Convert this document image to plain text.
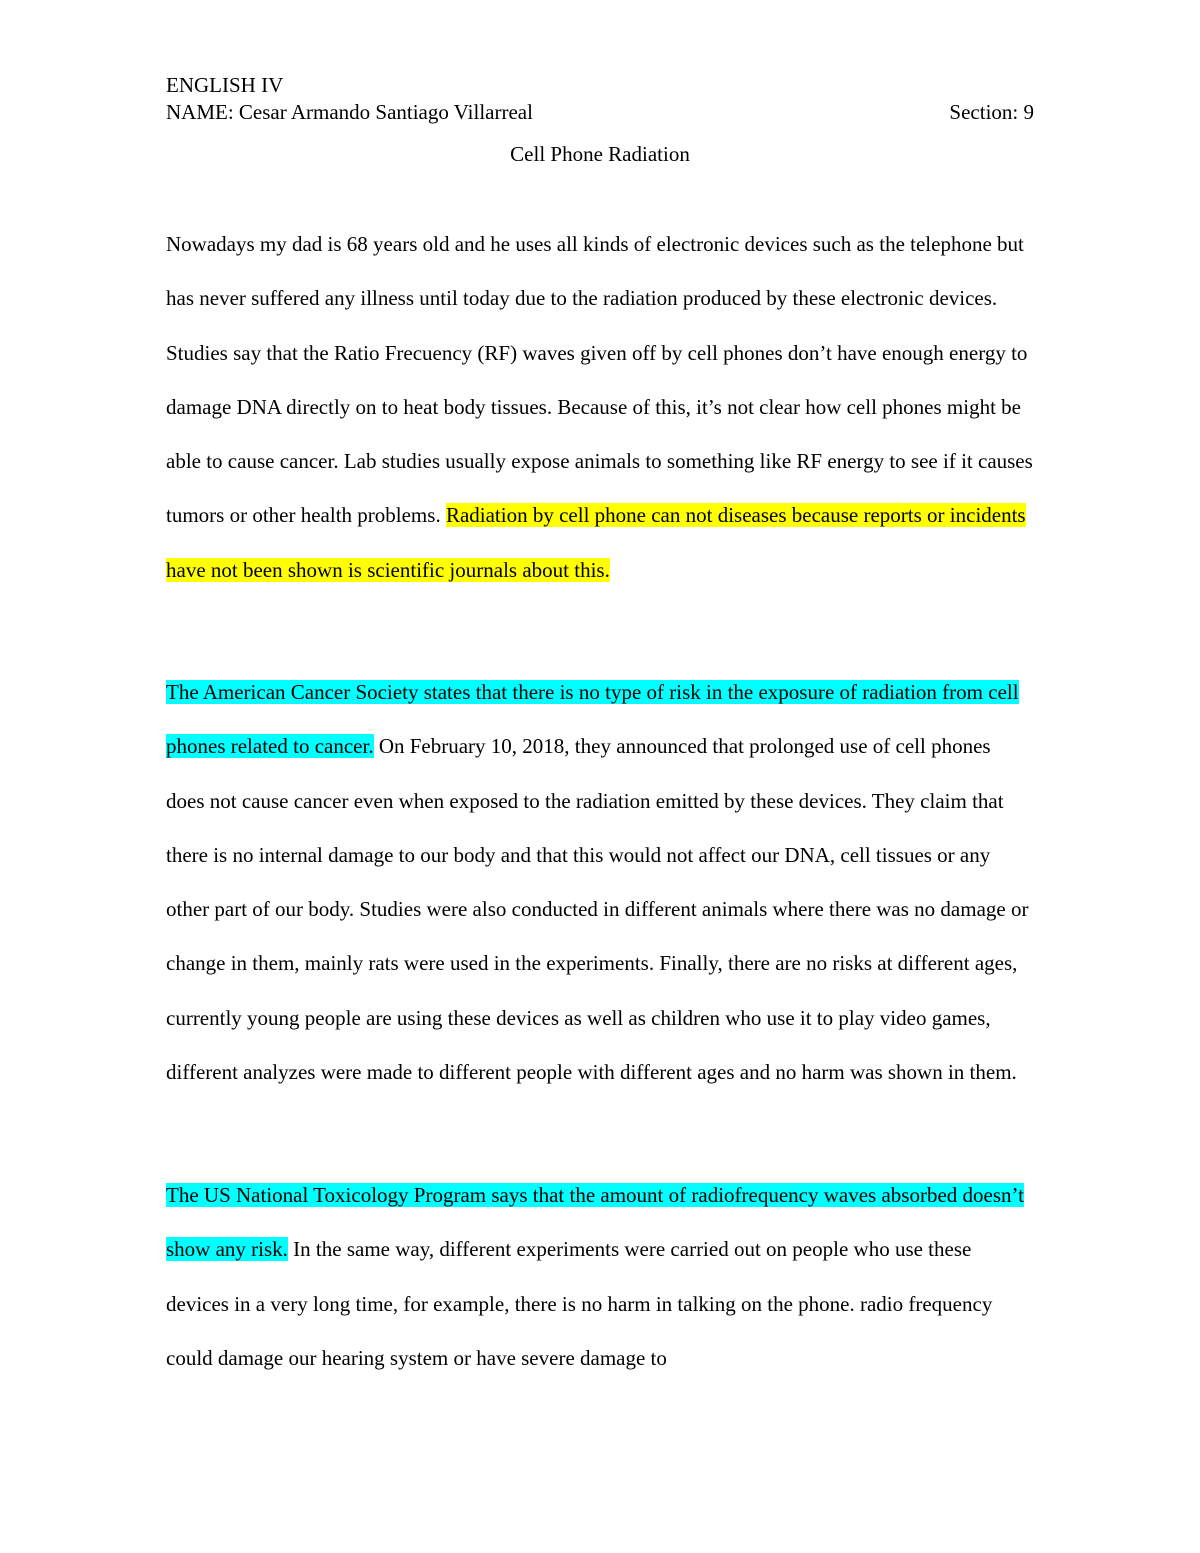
ENGLISH IV
NAME: Cesar Armando Santiago Villarreal	Section: 9
Cell Phone Radiation

Nowadays my dad is 68 years old and he uses all kinds of electronic devices such as the telephone but has never suffered any illness until today due to the radiation produced by these electronic devices. Studies say that the Ratio Frecuency (RF) waves given off by cell phones don’t have enough energy to damage DNA directly on to heat body tissues. Because of this, it’s not clear how cell phones might be able to cause cancer. Lab studies usually expose animals to something like RF energy to see if it causes tumors or other health problems. Radiation by cell phone can not diseases because reports or incidents have not been shown is scientific journals about this.

The American Cancer Society states that there is no type of risk in the exposure of radiation from cell phones related to cancer. On February 10, 2018, they announced that prolonged use of cell phones does not cause cancer even when exposed to the radiation emitted by these devices. They claim that there is no internal damage to our body and that this would not affect our DNA, cell tissues or any other part of our body. Studies were also conducted in different animals where there was no damage or change in them, mainly rats were used in the experiments. Finally, there are no risks at different ages, currently young people are using these devices as well as children who use it to play video games, different analyzes were made to different people with different ages and no harm was shown in them.

The US National Toxicology Program says that the amount of radiofrequency waves absorbed doesn’t show any risk. In the same way, different experiments were carried out on people who use these devices in a very long time, for example, there is no harm in talking on the phone. radio frequency could damage our hearing system or have severe damage to
